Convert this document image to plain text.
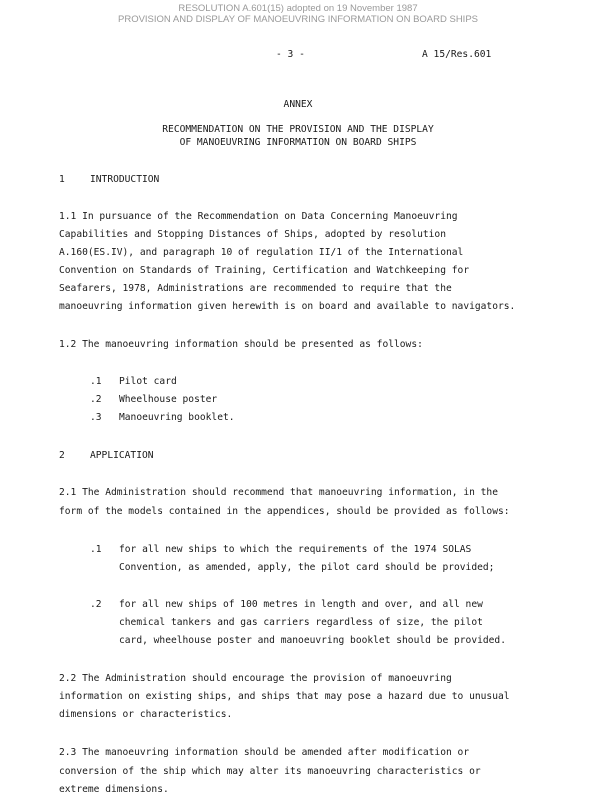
RESOLUTION A.601(15) adopted on 19 November 1987
PROVISION AND DISPLAY OF MANOEUVRING INFORMATION ON BOARD SHIPS
- 3 -	A 15/Res.601
ANNEX
RECOMMENDATION ON THE PROVISION AND THE DISPLAY
OF MANOEUVRING INFORMATION ON BOARD SHIPS
1	INTRODUCTION
1.1 In pursuance of the Recommendation on Data Concerning Manoeuvring
Capabilities and Stopping Distances of Ships, adopted by resolution
A.160(ES.IV), and paragraph 10 of regulation II/1 of the International
Convention on Standards of Training, Certification and Watchkeeping for
Seafarers, 1978, Administrations are recommended to require that the
manoeuvring information given herewith is on board and available to navigators.
1.2 The manoeuvring information should be presented as follows:
.1 Pilot card
.2 Wheelhouse poster
.3 Manoeuvring booklet.
2	APPLICATION
2.1 The Administration should recommend that manoeuvring information, in the
form of the models contained in the appendices, should be provided as follows:
.1 for all new ships to which the requirements of the 1974 SOLAS
Convention, as amended, apply, the pilot card should be provided;
.2 for all new ships of 100 metres in length and over, and all new
chemical tankers and gas carriers regardless of size, the pilot
card, wheelhouse poster and manoeuvring booklet should be provided.
2.2 The Administration should encourage the provision of manoeuvring
information on existing ships, and ships that may pose a hazard due to unusual
dimensions or characteristics.
2.3 The manoeuvring information should be amended after modification or
conversion of the ship which may alter its manoeuvring characteristics or
extreme dimensions.
